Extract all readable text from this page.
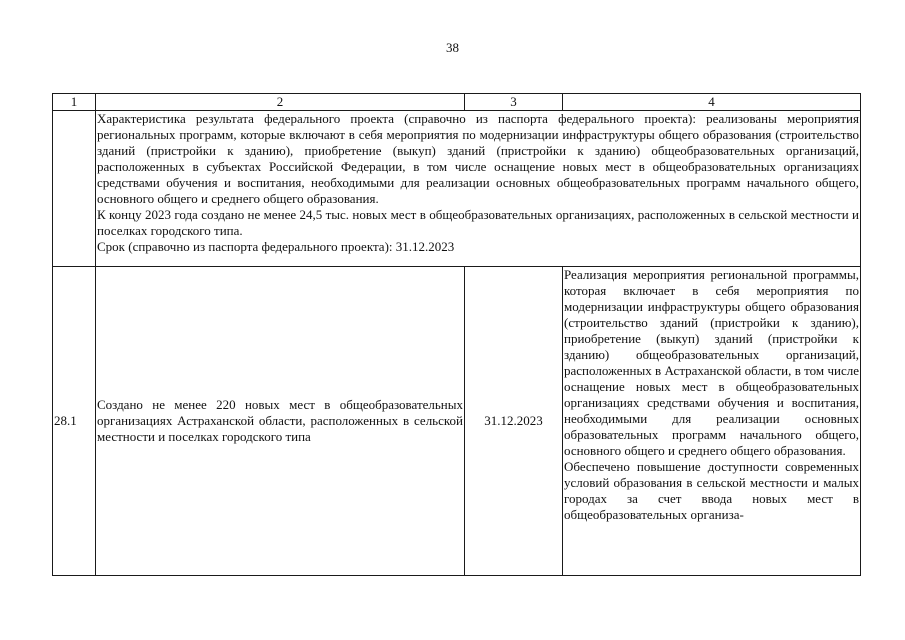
38
1	2	3	4

	Характеристика результата федерального проекта (справочно из паспорта федерального проекта): реализованы мероприятия региональных программ, которые включают в себя мероприятия по модернизации инфраструктуры общего образования (строительство зданий (пристройки к зданию), приобретение (выкуп) зданий (пристройки к зданию) общеобразовательных организаций, расположенных в субъектах Российской Федерации, в том числе оснащение новых мест в общеобразовательных организациях средствами обучения и воспитания, необходимыми для реализации основных общеобразовательных программ начального общего, основного общего и среднего общего образования.
К концу 2023 года создано не менее 24,5 тыс. новых мест в общеобразовательных организациях, расположенных в сельской местности и поселках городского типа.
Срок (справочно из паспорта федерального проекта): 31.12.2023		

28.1	Создано не менее 220 новых мест в общеобразовательных организациях Астраханской области, расположенных в сельской местности и поселках городского типа	31.12.2023	Реализация мероприятия региональной программы, которая включает в себя мероприятия по модернизации инфраструктуры общего образования (строительство зданий (пристройки к зданию), приобретение (выкуп) зданий (пристройки к зданию) общеобразовательных организаций, расположенных в Астраханской области, в том числе оснащение новых мест в общеобразовательных организациях средствами обучения и воспитания, необходимыми для реализации основных образовательных программ начального общего, основного общего и среднего общего образования.

Обеспечено повышение доступности современных условий образования в сельской местности и малых городах за счет ввода новых мест в общеобразовательных организа-
